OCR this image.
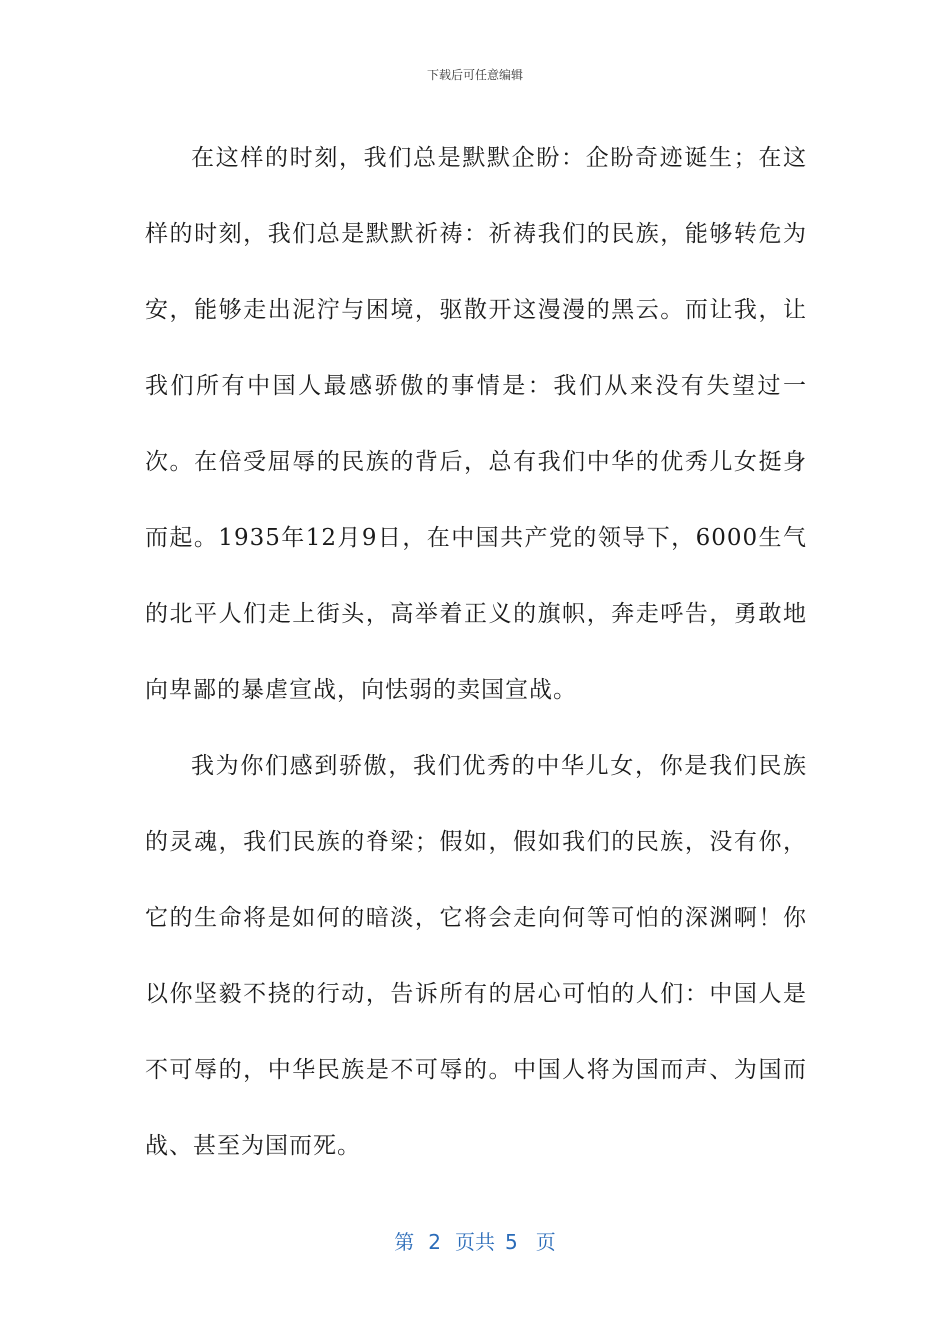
下载后可任意编辑

在这样的时刻，我们总是默默企盼：企盼奇迹诞生；在这样的时刻，我们总是默默祈祷：祈祷我们的民族，能够转危为安，能够走出泥泞与困境，驱散开这漫漫的黑云。而让我，让我们所有中国人最感骄傲的事情是：我们从来没有失望过一次。在倍受屈辱的民族的背后，总有我们中华的优秀儿女挺身而起。1935年12月9日，在中国共产党的领导下，6000生气的北平人们走上街头，高举着正义的旗帜，奔走呼告，勇敢地向卑鄙的暴虐宣战，向怯弱的卖国宣战。

我为你们感到骄傲，我们优秀的中华儿女，你是我们民族的灵魂，我们民族的脊梁；假如，假如我们的民族，没有你，它的生命将是如何的暗淡，它将会走向何等可怕的深渊啊！你以你坚毅不挠的行动，告诉所有的居心可怕的人们：中国人是不可辱的，中华民族是不可辱的。中国人将为国而声、为国而战、甚至为国而死。

第 2 页共 5 页
